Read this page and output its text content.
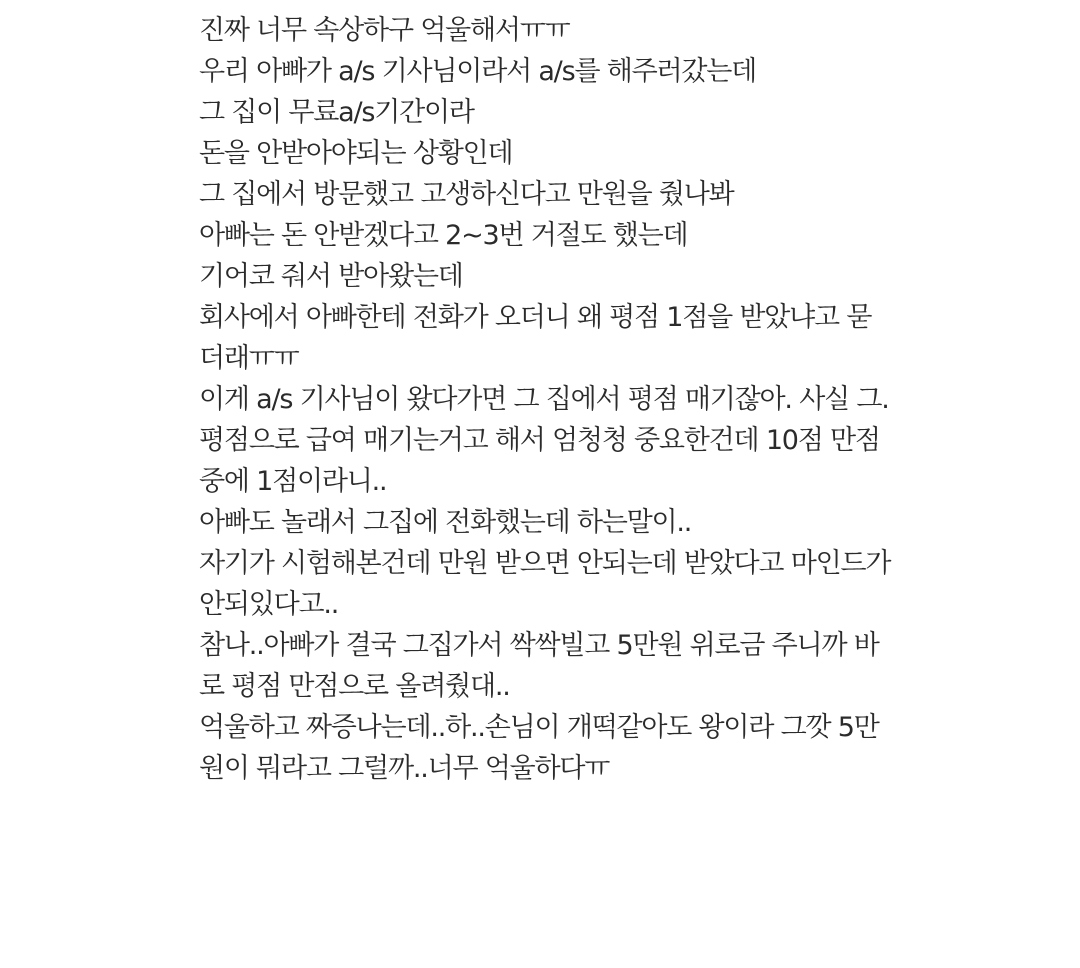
진짜 너무 속상하구 억울해서ㅠㅠ
우리 아빠가 a/s 기사님이라서 a/s를 해주러갔는데
그 집이 무료a/s기간이라
돈을 안받아야되는 상황인데
그 집에서 방문했고 고생하신다고 만원을 줬나봐
아빠는 돈 안받겠다고 2~3번 거절도 했는데
기어코 줘서 받아왔는데
회사에서 아빠한테 전화가 오더니 왜 평점 1점을 받았냐고 묻
더래ㅠㅠ
이게 a/s 기사님이 왔다가면 그 집에서 평점 매기잖아. 사실 그.
평점으로 급여 매기는거고 해서 엄청청 중요한건데 10점 만점
중에 1점이라니..
아빠도 놀래서 그집에 전화했는데 하는말이..
자기가 시험해본건데 만원 받으면 안되는데 받았다고 마인드가
안되있다고..
참나..아빠가 결국 그집가서 싹싹빌고 5만원 위로금 주니까 바
로 평점 만점으로 올려줬대..
억울하고 짜증나는데..하..손님이 개떡같아도 왕이라 그깟 5만
원이 뭐라고 그럴까..너무 억울하다ㅠ
